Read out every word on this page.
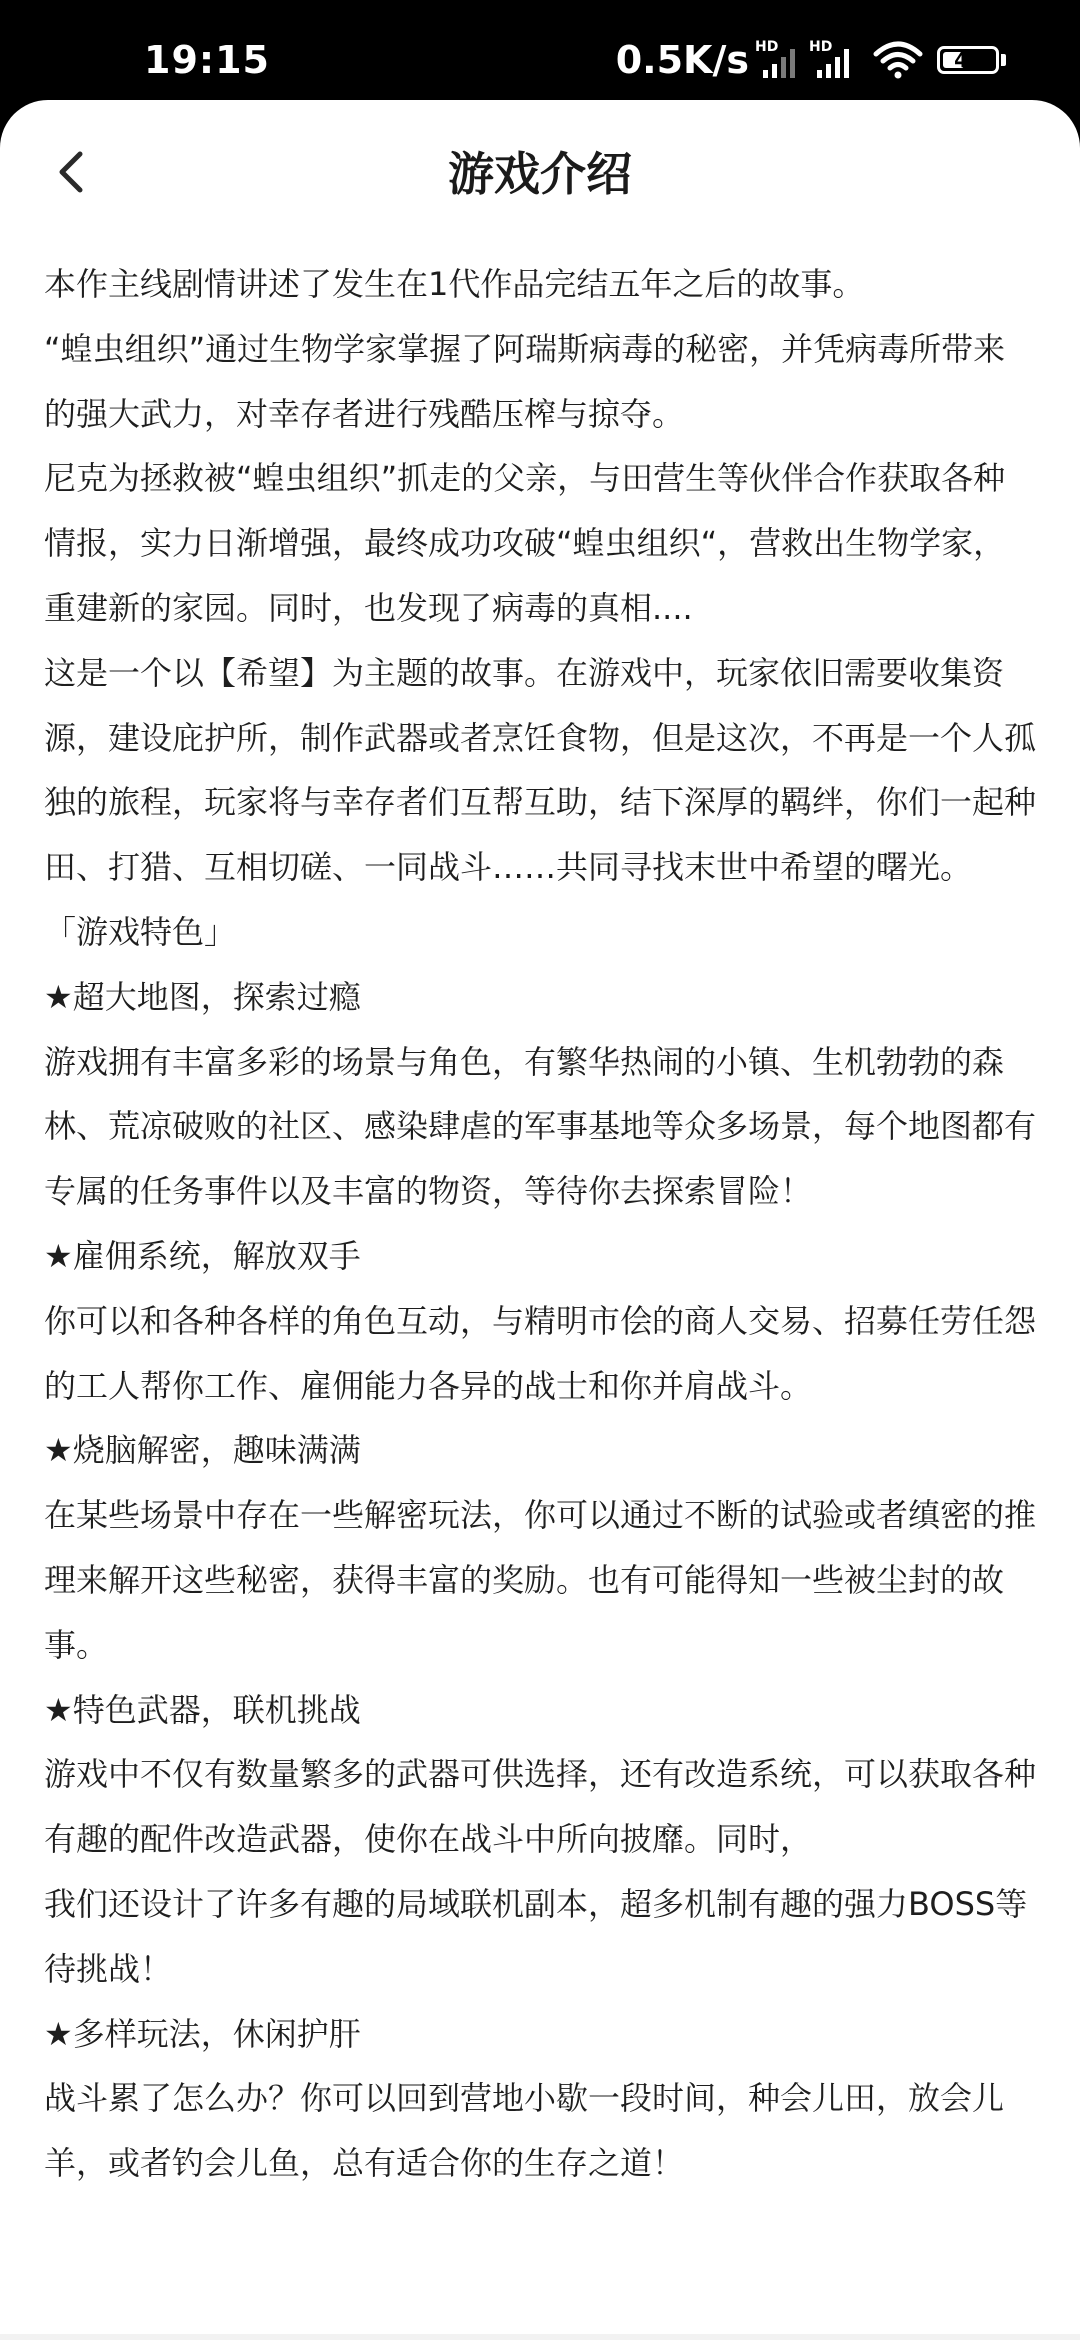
19:15	0.5K/s HD HD
41
游戏介绍

本作主线剧情讲述了发生在1代作品完结五年之后的故事。

“蝗虫组织”通过生物学家掌握了阿瑞斯病毒的秘密，并凭病毒所带来的强大武力，对幸存者进行残酷压榨与掠夺。

尼克为拯救被“蝗虫组织”抓走的父亲，与田营生等伙伴合作获取各种情报，实力日渐增强，最终成功攻破“蝗虫组织“，营救出生物学家，重建新的家园。同时，也发现了病毒的真相....

这是一个以【希望】为主题的故事。在游戏中，玩家依旧需要收集资源，建设庇护所，制作武器或者烹饪食物，但是这次，不再是一个人孤独的旅程，玩家将与幸存者们互帮互助，结下深厚的羁绊，你们一起种田、打猎、互相切磋、一同战斗……共同寻找末世中希望的曙光。

「游戏特色」

★超大地图，探索过瘾

游戏拥有丰富多彩的场景与角色，有繁华热闹的小镇、生机勃勃的森林、荒凉破败的社区、感染肆虐的军事基地等众多场景，每个地图都有专属的任务事件以及丰富的物资，等待你去探索冒险！

★雇佣系统，解放双手

你可以和各种各样的角色互动，与精明市侩的商人交易、招募任劳任怨的工人帮你工作、雇佣能力各异的战士和你并肩战斗。

★烧脑解密，趣味满满

在某些场景中存在一些解密玩法，你可以通过不断的试验或者缜密的推理来解开这些秘密，获得丰富的奖励。也有可能得知一些被尘封的故事。

★特色武器，联机挑战

游戏中不仅有数量繁多的武器可供选择，还有改造系统，可以获取各种有趣的配件改造武器，使你在战斗中所向披靡。同时，

我们还设计了许多有趣的局域联机副本，超多机制有趣的强力BOSS等待挑战！

★多样玩法，休闲护肝

战斗累了怎么办？你可以回到营地小歇一段时间，种会儿田，放会儿羊，或者钓会儿鱼，总有适合你的生存之道！
